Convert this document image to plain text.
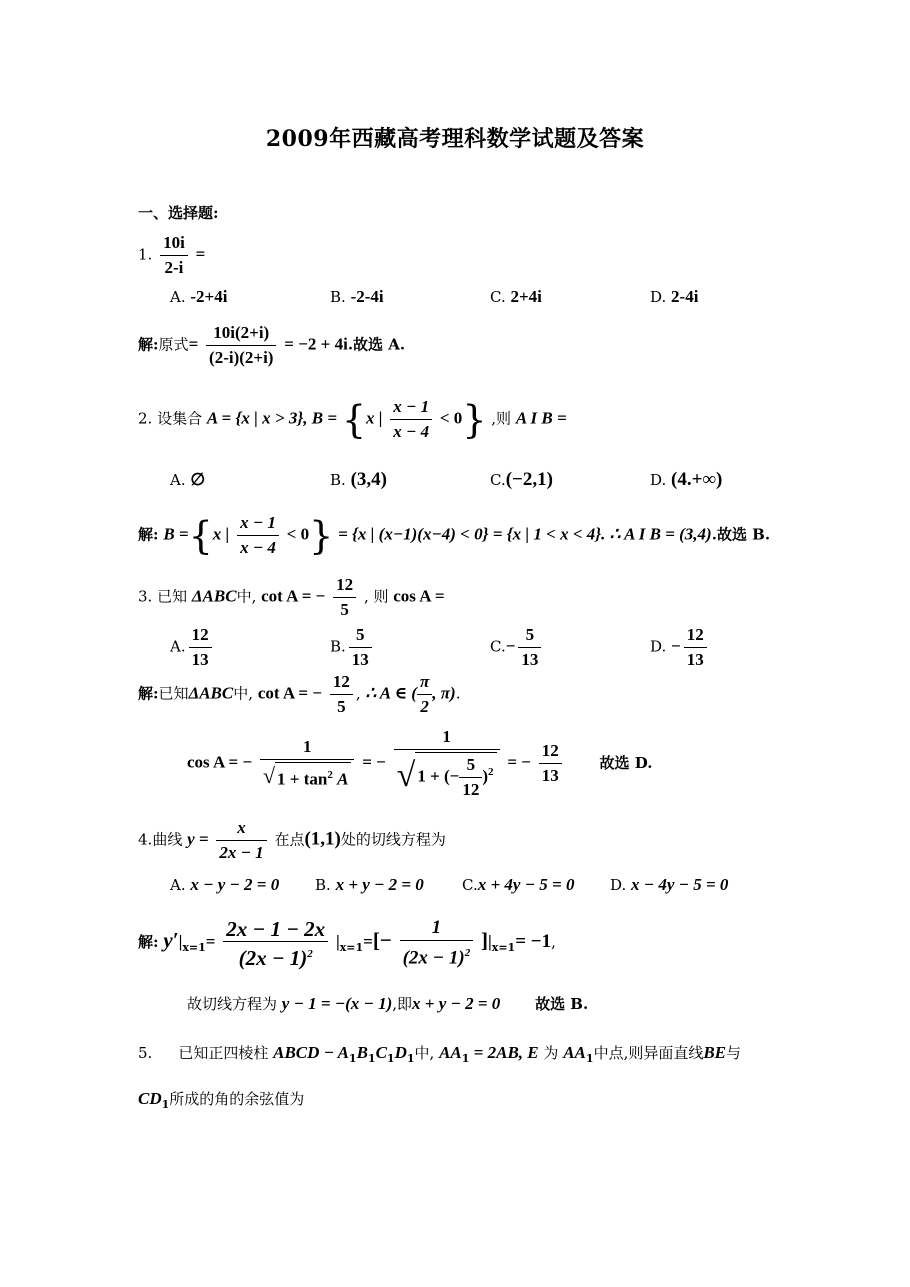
2009年西藏高考理科数学试题及答案
一、选择题:
1. $\frac{10i}{2-i}$ =
A. -2+4i	B. -2-4i	C. 2+4i	D. 2-4i
解:原式= $\frac{10i(2+i)}{(2-i)(2+i)} = -2 + 4i$.故选 A.
2. 设集合 A = {x | x > 3}, B = {x | $\frac{x - 1}{x - 4} < 0$} ,则 A I B =
A. ∅	B. (3,4)	C.(−2,1)	D. (4.+∞)
解: B ={x | $\frac{x - 1}{x - 4} < 0\} = \{x$ | (x−1)(x−4) < 0} = {x | 1 < x < 4}. ∴ A I B = (3,4).故选 B.
3. 已知 ΔABC中, cot A = − $\frac{12}{5}$ , 则 cos A =
A. $\frac{12}{13}$	B. $\frac{5}{13}$	$C.- \frac{5}{13}$	D. − $\frac{12}{13}$
解:已知ΔABC中, cot A = − $\frac{12}{5}$ , ∴ A ∈ ( $\frac{\pi}{2}$ , π).
cos A = − $\frac{1}{√ 1 + \tan^2 A}$ = − $\frac{1}{√ 1 + (- \frac{5}{12} )^2}$ = − $\frac{12}{13}$	故选 D.
4.曲线 $y = \frac{x}{2x - 1}$ 在点(1,1)处的切线方程为
A. x − y − 2 = 0 B. x + y − 2 = 0	C.x + 4y − 5 = 0 D. x − 4y − 5 = 0
解: $y'|_{x=1}= \frac{2x - 1 - 2x}{(2x - 1)^2} |_{x=1}=[- \frac{1}{(2x - 1)^2} ]|_{x=1}= -1$,
故切线方程为 y − 1 = −(x − 1),即x + y − 2 = 0 故选 B.
5. 已知正四棱柱 ABCD − $A_1B_1C_1D_1$中, $AA_1 = 2AB$, E 为 $AA_1$中点,则异面直线BE与
$CD_1$所成的角的余弦值为
